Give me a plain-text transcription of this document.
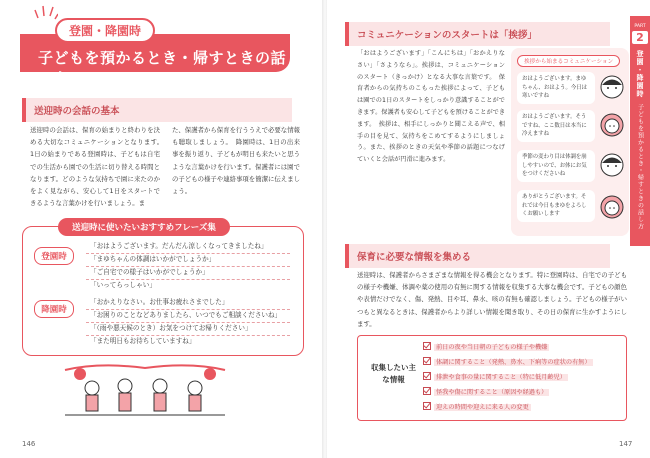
登園・降園時
子どもを預かるとき・帰すときの話し方
送迎時の会話の基本
送迎時の会話は、保育の始まりと終わりを決める大切なコミュニケーションとなります。　1日の始まりである登園時は、子どもは自宅での生活から園での生活に切り替える時間となります。どのような気持ちで園に来たのかをよく見ながら、安心して1日をスタートできるような言葉かけを行いましょう。ま
た、保護者から保育を行ううえで必要な情報も聴取しましょう。　降園時は、1日の出来事を振り返り、子どもが明日も来たいと思うような言葉かけを行います。保護者には園での子どもの様子や連絡事項を簡潔に伝えましょう。
送迎時に使いたいおすすめフレーズ集
登園時
「おはようございます。だんだん涼しくなってきましたね」
「まゆちゃんの体調はいかがでしょうか」
「ご自宅での様子はいかがでしょうか」
「いってらっしゃい」
降園時
「おかえりなさい。お仕事お疲れさまでした」
「お困りのことなどありましたら、いつでもご相談くださいね」
「（雨や悪天候のとき）お気をつけてお帰りください」
「また明日もお待ちしていますね」
146
コミュニケーションのスタートは「挨拶」
「おはようございます」「こんにちは」「おかえりなさい」「さようなら」。挨拶は、コミュニケーションのスタート（きっかけ）となる大事な言葉です。　保育者からの気持ちのこもった挨拶によって、子どもは園での1日のスタートをしっかり意識することができます。保護者も安心して子どもを預けることができます。　挨拶は、相手にしっかりと聞こえる声で、相手の目を見て、気持ちをこめてするようにしましょう。また、挨拶のときの天気や季節の話題につなげていくと会話が円滑に進みます。
挨拶から始まるコミュニケーション
おはようございます。まゆちゃん、おはよう。今日は寒いですね
おはようございます。そうですね、ここ数日は本当に冷えますね
季節の変わり目は体調を崩しやすいので、お体にお気をつけくださいね
ありがとうございます。それでは今日もまゆをよろしくお願いします
保育に必要な情報を集める
送迎時は、保護者からさまざまな情報を得る機会となります。特に登園時は、自宅での子どもの様子や機嫌、体調や薬の使用の有無に関する情報を収集する大事な機会です。子どもの顔色や表情だけでなく、傷、発熱、目や耳、鼻水、咳の有無も確認しましょう。子どもの様子がいつもと異なるときは、保護者からより詳しい情報を聞き取り、その日の保育に生かすようにします。
収集したい主な情報
前日の夜や当日朝の子どもの様子や機嫌
体調に関すること（発熱、鼻水、下痢等の症状の有無）
排泄や食事の量に関すること（特に低月齢児）
怪我や傷に関すること（原因や経過も）
迎えの時間や迎えに来る人の変更
147
PART
2
登園・降園時
子どもを預かるとき・帰すときの話し方
